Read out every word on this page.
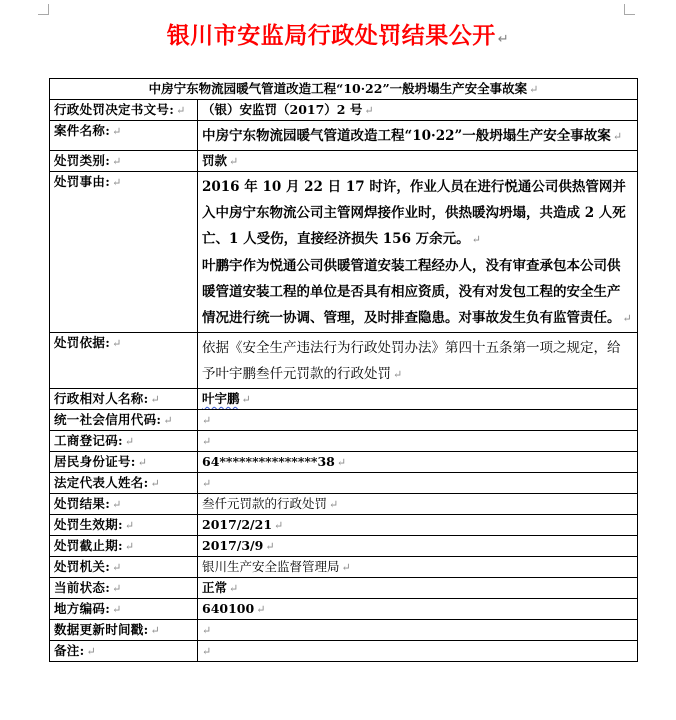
银川市安监局行政处罚结果公开 ↵
中房宁东物流园暖气管道改造工程“10·22”一般坍塌生产安全事故案 ↵	
行政处罚决定书文号: ↵	（银）安监罚（2017）2 号 ↵
案件名称: ↵	中房宁东物流园暖气管道改造工程“10·22”一般坍塌生产安全事故案 ↵
处罚类别: ↵	罚款 ↵
处罚事由: ↵	2016 年 10 月 22 日 17 时许，作业人员在进行悦通公司供热管网并入中房宁东物流公司主管网焊接作业时，供热暖沟坍塌，共造成 2 人死亡、1 人受伤，直接经济损失 156 万余元。 ↵
叶鹏宇作为悦通公司供暖管道安装工程经办人，没有审查承包本公司供暖管道安装工程的单位是否具有相应资质，没有对发包工程的安全生产情况进行统一协调、管理，及时排查隐患。对事故发生负有监管责任。 ↵

处罚依据: ↵	依据《安全生产违法行为行政处罚办法》第四十五条第一项之规定，给予叶宇鹏叁仟元罚款的行政处罚 ↵
行政相对人名称: ↵	叶宇鹏 ↵
统一社会信用代码: ↵	↵
工商登记码: ↵	↵
居民身份证号: ↵	64***************38 ↵
法定代表人姓名: ↵	↵
处罚结果: ↵	叁仟元罚款的行政处罚 ↵
处罚生效期: ↵	2017/2/21 ↵
处罚截止期: ↵	2017/3/9 ↵
处罚机关: ↵	银川生产安全监督管理局 ↵
当前状态: ↵	正常 ↵
地方编码: ↵	640100 ↵
数据更新时间戳: ↵	↵
备注: ↵	↵
